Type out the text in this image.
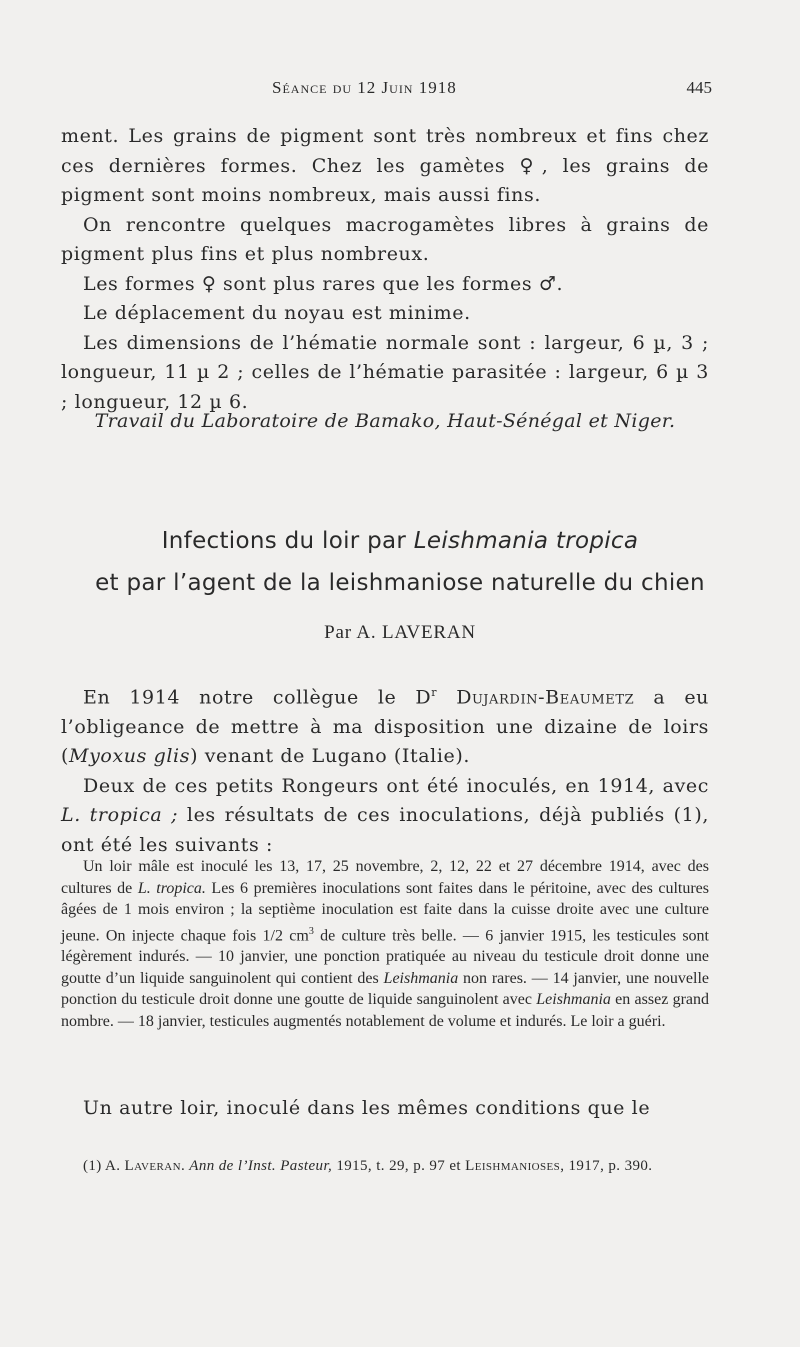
Séance du 12 Juin 1918	445

ment. Les grains de pigment sont très nombreux et fins chez ces dernières formes. Chez les gamètes ♀, les grains de pigment sont moins nombreux, mais aussi fins.

On rencontre quelques macrogamètes libres à grains de pigment plus fins et plus nombreux.

Les formes ♀ sont plus rares que les formes ♂.

Le déplacement du noyau est minime.

Les dimensions de l’hématie normale sont : largeur, 6 µ, 3 ; longueur, 11 µ 2 ; celles de l’hématie parasitée : largeur, 6 µ 3 ; longueur, 12 µ 6.

Travail du Laboratoire de Bamako, Haut-Sénégal et Niger.

Infections du loir par Leishmania tropica

et par l’agent de la leishmaniose naturelle du chien

Par A. LAVERAN

En 1914 notre collègue le $D^r$ Dujardin-Beaumetz a eu l’obligeance de mettre à ma disposition une dizaine de loirs (Myoxus glis) venant de Lugano (Italie).

Deux de ces petits Rongeurs ont été inoculés, en 1914, avec L. tropica ; les résultats de ces inoculations, déjà publiés (1), ont été les suivants :

Un loir mâle est inoculé les 13, 17, 25 novembre, 2, 12, 22 et 27 décembre 1914, avec des cultures de L. tropica. Les 6 premières inoculations sont faites dans le péritoine, avec des cultures âgées de 1 mois environ ; la septième inoculation est faite dans la cuisse droite avec une culture jeune. On injecte chaque fois 1/2 $cm^3$ de culture très belle. — 6 janvier 1915, les testicules sont légèrement indurés. — 10 janvier, une ponction pratiquée au niveau du testicule droit donne une goutte d’un liquide sanguinolent qui contient des Leishmania non rares. — 14 janvier, une nouvelle ponction du testicule droit donne une goutte de liquide sanguinolent avec Leishmania en assez grand nombre. — 18 janvier, testicules augmentés notablement de volume et indurés. Le loir a guéri.

Un autre loir, inoculé dans les mêmes conditions que le

(1) A. Laveran. Ann de l’Inst. Pasteur, 1915, t. 29, p. 97 et Leishmanioses, 1917, p. 390.
